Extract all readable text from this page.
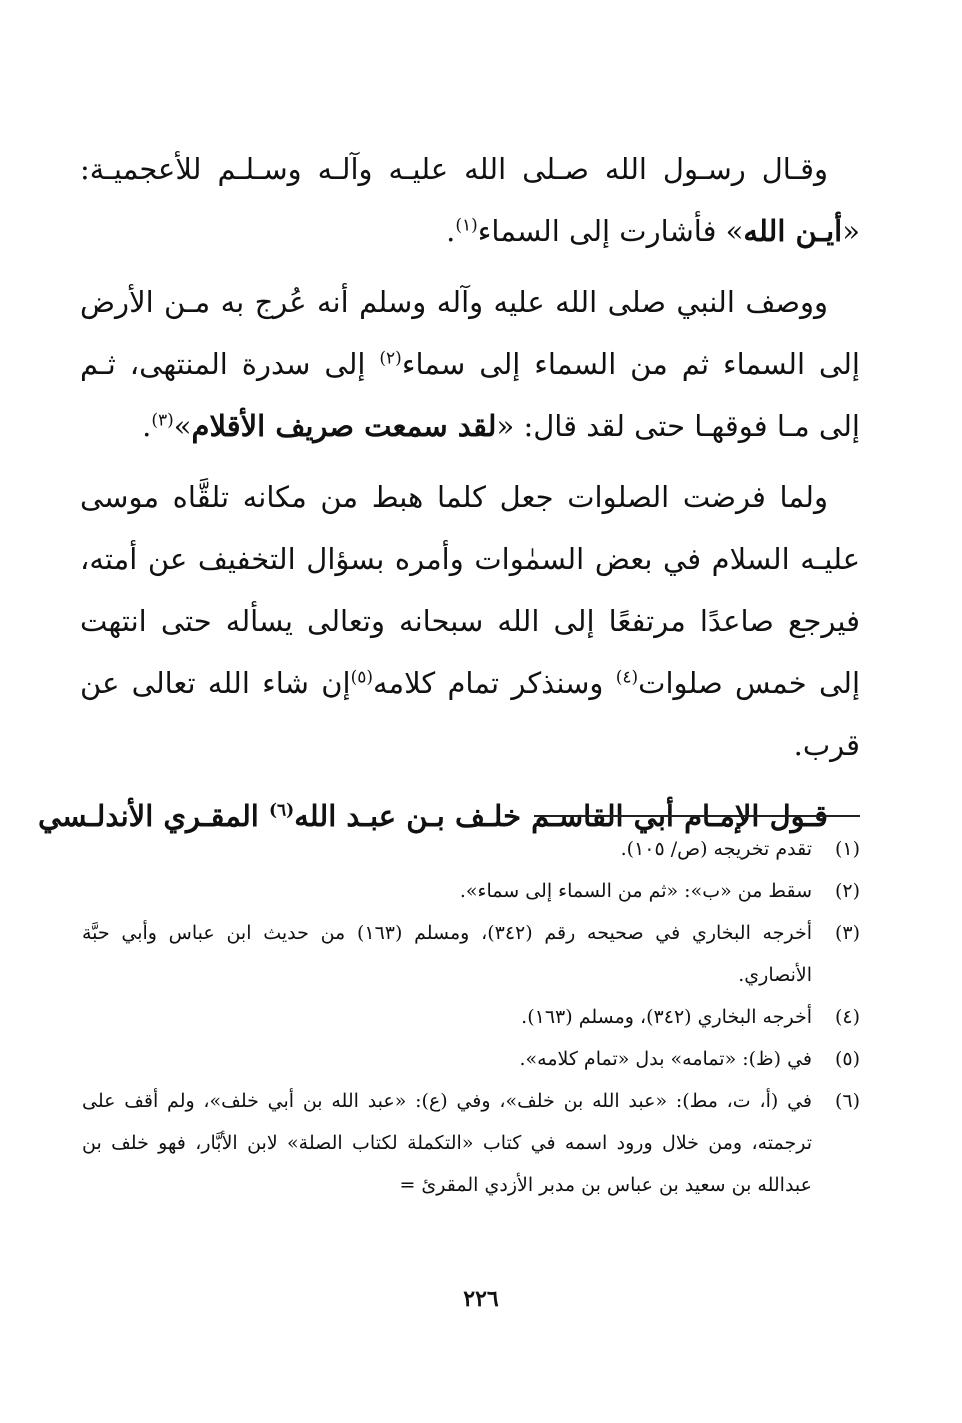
وقـال رسـول الله صـلى الله عليـه وآلـه وسـلـم للأعجميـة: «أيـن الله» فأشارت إلى السماء$^{(١)}$.

ووصف النبي صلى الله عليه وآله وسلم أنه عُرج به مـن الأرض إلى السماء ثم من السماء إلى سماء$^{(٢)}$ إلى سدرة المنتهى، ثـم إلى مـا فوقهـا حتى لقد قال: «لقد سمعت صريف الأقلام»$^{(٣)}$.

ولما فرضت الصلوات جعل كلما هبط من مكانه تلقَّاه موسى عليـه السلام في بعض السمٰوات وأمره بسؤال التخفيف عن أمته، فيرجع صاعدًا مرتفعًا إلى الله سبحانه وتعالى يسأله حتى انتهت إلى خمس صلوات$^{(٤)}$ وسنذكر تمام كلامه$^{(٥)}$إن شاء الله تعالى عن قرب.

قـول الإمـام أبي القاسـم خلـف بـن عبـد الله$^{(٦)}$ المقـري الأندلـسي

(١)
تقدم تخريجه (ص/ ١٠٥).
(٢)
سقط من «ب»: «ثم من السماء إلى سماء».
(٣)
أخرجه البخاري في صحيحه رقم (٣٤٢)، ومسلم (١٦٣) من حديث ابن عباس وأبي حبَّة الأنصاري.
(٤)
أخرجه البخاري (٣٤٢)، ومسلم (١٦٣).
(٥)
في (ظ): «تمامه» بدل «تمام كلامه».
(٦)
في (أ، ت، مط): «عبد الله بن خلف»، وفي (ع): «عبد الله بن أبي خلف»، ولم أقف على ترجمته، ومن خلال ورود اسمه في كتاب «التكملة لكتاب الصلة» لابن الأبَّار، فهو خلف بن عبدالله بن سعيد بن عباس بن مدبر الأزدي المقرئ =
٢٢٦
